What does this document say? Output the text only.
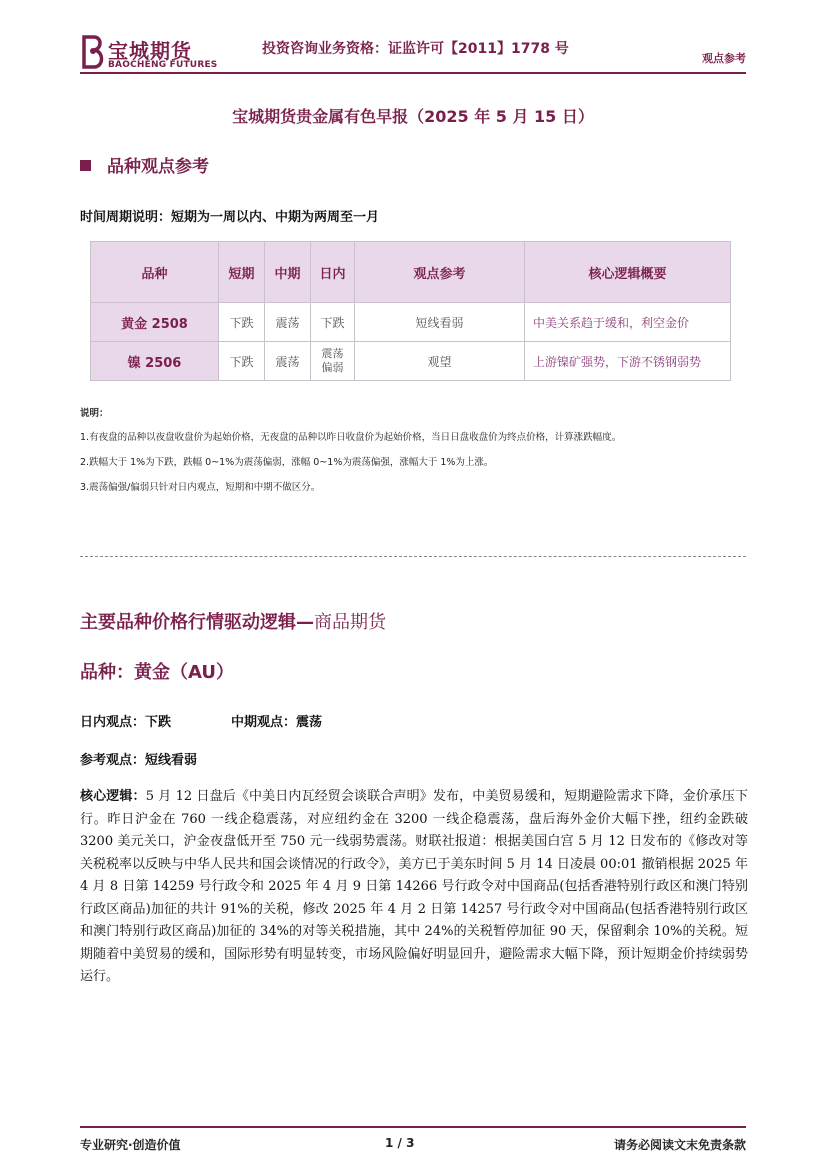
宝城期货
BAOCHENG FUTURES
投资咨询业务资格：证监许可【2011】1778 号
观点参考
宝城期货贵金属有色早报（2025 年 5 月 15 日）
品种观点参考
时间周期说明：短期为一周以内、中期为两周至一月
品种	短期	中期	日内	观点参考	核心逻辑概要
黄金 2508	下跌	震荡	下跌	短线看弱	中美关系趋于缓和，利空金价
镍 2506	下跌	震荡	震荡偏弱	观望	上游镍矿强势，下游不锈钢弱势
说明：

1.有夜盘的品种以夜盘收盘价为起始价格，无夜盘的品种以昨日收盘价为起始价格，当日日盘收盘价为终点价格，计算涨跌幅度。

2.跌幅大于 1%为下跌，跌幅 0~1%为震荡偏弱，涨幅 0~1%为震荡偏强，涨幅大于 1%为上涨。

3.震荡偏强/偏弱只针对日内观点，短期和中期不做区分。

主要品种价格行情驱动逻辑—商品期货
品种：黄金（AU）
日内观点：下跌	中期观点：震荡
参考观点：短线看弱
核心逻辑：5 月 12 日盘后《中美日内瓦经贸会谈联合声明》发布，中美贸易缓和，短期避险需求下降，金价承压下行。昨日沪金在 760 一线企稳震荡，对应纽约金在 3200 一线企稳震荡，盘后海外金价大幅下挫，纽约金跌破 3200 美元关口，沪金夜盘低开至 750 元一线弱势震荡。财联社报道：根据美国白宫 5 月 12 日发布的《修改对等关税税率以反映与中华人民共和国会谈情况的行政令》，美方已于美东时间 5 月 14 日凌晨 00:01 撤销根据 2025 年 4 月 8 日第 14259 号行政令和 2025 年 4 月 9 日第 14266 号行政令对中国商品(包括香港特别行政区和澳门特别行政区商品)加征的共计 91%的关税，修改 2025 年 4 月 2 日第 14257 号行政令对中国商品(包括香港特别行政区和澳门特别行政区商品)加征的 34%的对等关税措施，其中 24%的关税暂停加征 90 天，保留剩余 10%的关税。短期随着中美贸易的缓和，国际形势有明显转变，市场风险偏好明显回升，避险需求大幅下降，预计短期金价持续弱势运行。
专业研究·创造价值	1 / 3	请务必阅读文末免责条款
